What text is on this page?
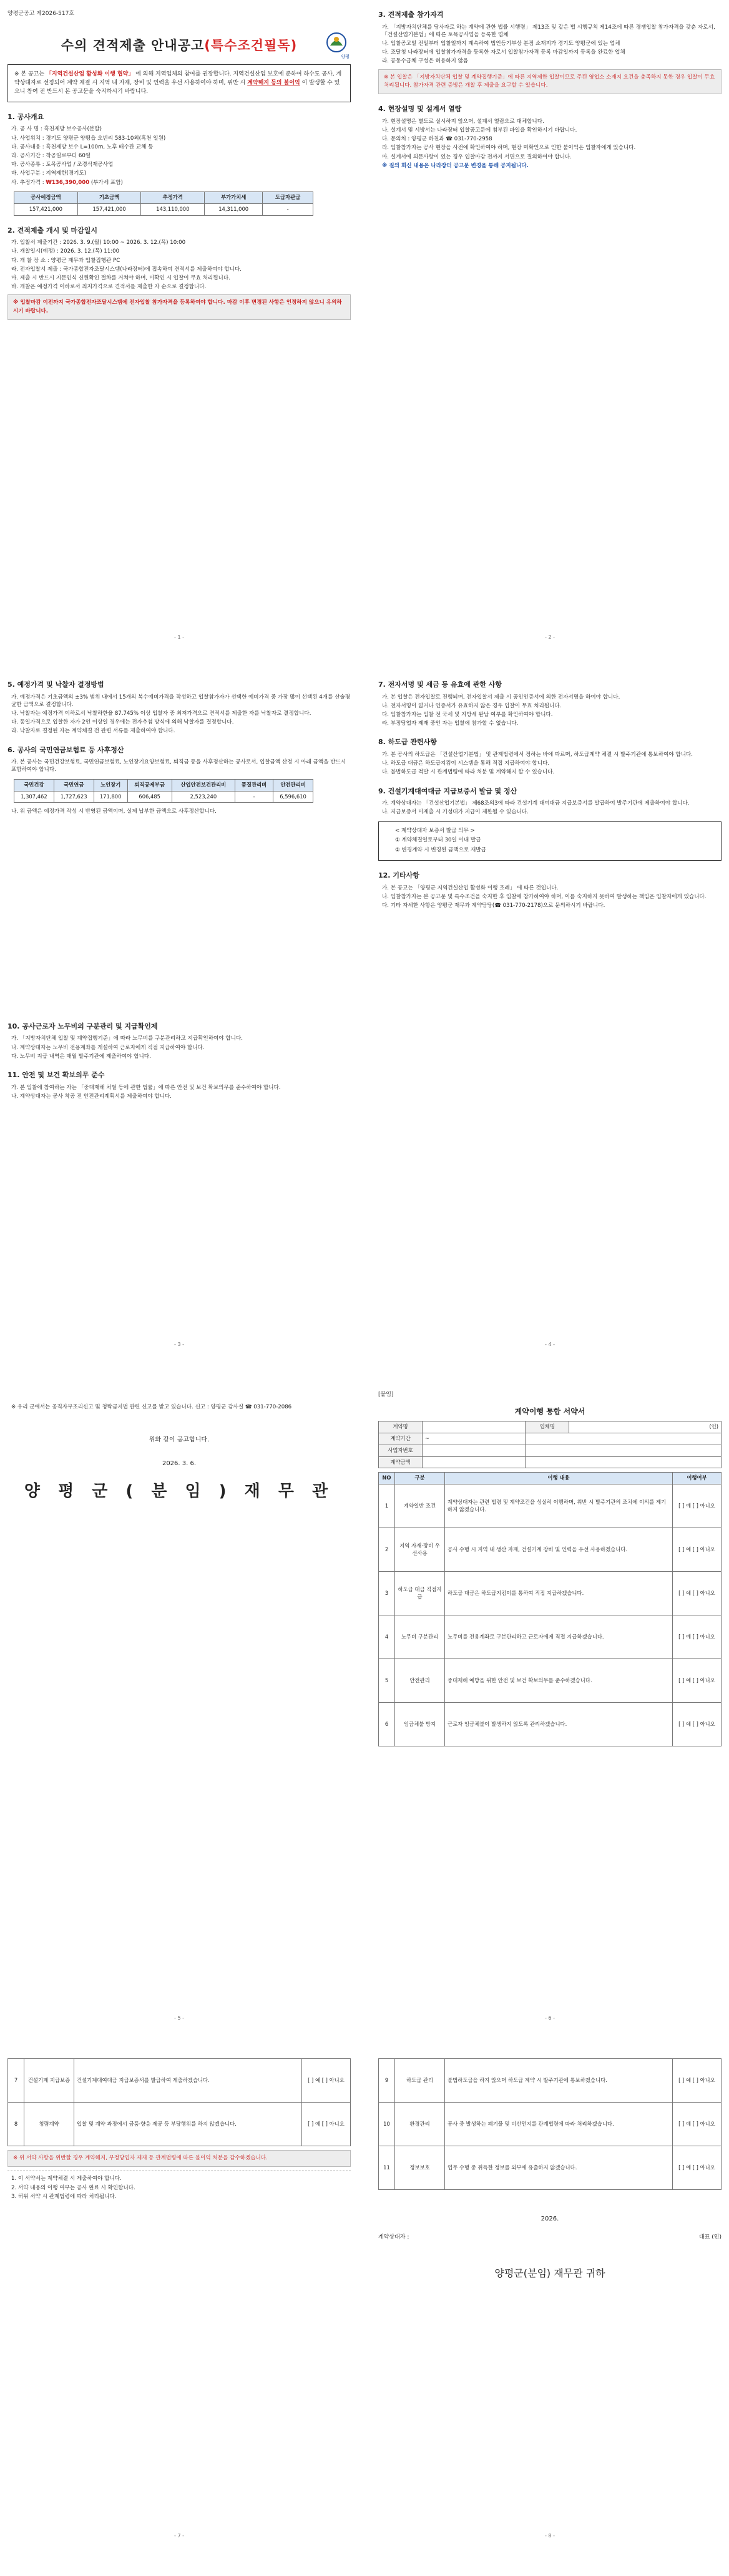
양평군공고 제2026-517호
수의 견적제출 안내공고(특수조건필독)
양평
※ 본 공고는 「지역건설산업 활성화 이행 협약」 에 의해 지역업체의 참여를 권장합니다. 지역건설산업 보호에 준하여 하수도 공사, 계약상대자로 선정되어 계약 체결 시 지역 내 자재, 장비 및 인력을 우선 사용하여야 하며, 위반 시 계약해지 등의 불이익 이 발생할 수 있으니 참여 전 반드시 본 공고문을 숙지하시기 바랍니다.
1. 공사개요

가. 공 사 명 : 흑천제방 보수공사(분할)

나. 사업위치 : 경기도 양평군 양평읍 오빈리 583-10외(흑천 일원)

다. 공사내용 : 흑천제방 보수 L=100m, 노후 배수관 교체 등

라. 공사기간 : 착공일로부터 60일

마. 공사종류 : 토목공사업 / 조경식재공사업

바. 사업구분 : 지역제한(경기도)

사. 추정가격 : ₩136,390,000 (부가세 포함)

공사예정금액	기초금액	추정가격	부가가치세	도급자관급
157,421,000	157,421,000	143,110,000	14,311,000	-
2. 견적제출 개시 및 마감일시

가. 입찰서 제출기간 : 2026. 3. 9.(월) 10:00 ~ 2026. 3. 12.(목) 10:00

나. 개찰일시(예정) : 2026. 3. 12.(목) 11:00

다. 개 찰 장 소 : 양평군 재무과 입찰집행관 PC

라. 전자입찰서 제출 : 국가종합전자조달시스템(나라장터)에 접속하여 견적서를 제출하여야 합니다.

마. 제출 시 반드시 지문인식 신원확인 절차를 거쳐야 하며, 미확인 시 입찰이 무효 처리됩니다.

바. 개찰은 예정가격 이하로서 최저가격으로 견적서를 제출한 자 순으로 결정합니다.

※ 입찰마감 이전까지 국가종합전자조달시스템에 전자입찰 참가자격을 등록하여야 합니다. 마감 이후 변경된 사항은 인정하지 않으니 유의하시기 바랍니다.
- 1 -
3. 견적제출 참가자격

가. 「지방자치단체를 당사자로 하는 계약에 관한 법률 시행령」 제13조 및 같은 법 시행규칙 제14조에 따른 경쟁입찰 참가자격을 갖춘 자로서, 「건설산업기본법」에 따른 토목공사업을 등록한 업체

나. 입찰공고일 전일부터 입찰일까지 계속하여 법인등기부상 본점 소재지가 경기도 양평군에 있는 업체

다. 조달청 나라장터에 입찰참가자격을 등록한 자로서 입찰참가자격 등록 마감일까지 등록을 완료한 업체

라. 공동수급체 구성은 허용하지 않음

※ 본 입찰은 「지방자치단체 입찰 및 계약집행기준」에 따른 지역제한 입찰이므로 주된 영업소 소재지 요건을 충족하지 못한 경우 입찰이 무효 처리됩니다. 참가자격 관련 증빙은 개찰 후 제출을 요구할 수 있습니다.
4. 현장설명 및 설계서 열람

가. 현장설명은 별도로 실시하지 않으며, 설계서 열람으로 대체합니다.

나. 설계서 및 시방서는 나라장터 입찰공고문에 첨부된 파일을 확인하시기 바랍니다.

다. 문의처 : 양평군 하천과 ☎ 031-770-2958

라. 입찰참가자는 공사 현장을 사전에 확인하여야 하며, 현장 미확인으로 인한 불이익은 입찰자에게 있습니다.

마. 설계서에 의문사항이 있는 경우 입찰마감 전까지 서면으로 질의하여야 합니다.

※ 질의 회신 내용은 나라장터 공고문 변경을 통해 공지됩니다.

- 2 -
5. 예정가격 및 낙찰자 결정방법

가. 예정가격은 기초금액의 ±3% 범위 내에서 15개의 복수예비가격을 작성하고 입찰참가자가 선택한 예비가격 중 가장 많이 선택된 4개를 산술평균한 금액으로 결정합니다.

나. 낙찰자는 예정가격 이하로서 낙찰하한율 87.745% 이상 입찰자 중 최저가격으로 견적서를 제출한 자를 낙찰자로 결정합니다.

다. 동일가격으로 입찰한 자가 2인 이상일 경우에는 전자추첨 방식에 의해 낙찰자를 결정합니다.

라. 낙찰자로 결정된 자는 계약체결 전 관련 서류를 제출하여야 합니다.

6. 공사의 국민연금보험료 등 사후정산

가. 본 공사는 국민건강보험료, 국민연금보험료, 노인장기요양보험료, 퇴직금 등을 사후정산하는 공사로서, 입찰금액 산정 시 아래 금액을 반드시 포함하여야 합니다.

국민건강	국민연금	노인장기	퇴직공제부금	산업안전보건관리비	품질관리비	안전관리비
1,307,462	1,727,623	171,800	606,485	2,523,240	-	6,596,610

나. 위 금액은 예정가격 작성 시 반영된 금액이며, 실제 납부한 금액으로 사후정산합니다.

10. 공사근로자 노무비의 구분관리 및 지급확인제

가. 「지방자치단체 입찰 및 계약집행기준」에 따라 노무비를 구분관리하고 지급확인하여야 합니다.

나. 계약상대자는 노무비 전용계좌를 개설하여 근로자에게 직접 지급하여야 합니다.

다. 노무비 지급 내역은 매월 발주기관에 제출하여야 합니다.

11. 안전 및 보건 확보의무 준수

가. 본 입찰에 참여하는 자는 「중대재해 처벌 등에 관한 법률」에 따른 안전 및 보건 확보의무를 준수하여야 합니다.

나. 계약상대자는 공사 착공 전 안전관리계획서를 제출하여야 합니다.

- 3 -
7. 전자서명 및 세금 등 유효에 관한 사항

가. 본 입찰은 전자입찰로 진행되며, 전자입찰서 제출 시 공인인증서에 의한 전자서명을 하여야 합니다.

나. 전자서명이 없거나 인증서가 유효하지 않은 경우 입찰이 무효 처리됩니다.

다. 입찰참가자는 입찰 전 국세 및 지방세 완납 여부를 확인하여야 합니다.

라. 부정당업자 제재 중인 자는 입찰에 참가할 수 없습니다.

8. 하도급 관련사항

가. 본 공사의 하도급은 「건설산업기본법」 및 관계법령에서 정하는 바에 따르며, 하도급계약 체결 시 발주기관에 통보하여야 합니다.

나. 하도급 대금은 하도급지킴이 시스템을 통해 직접 지급하여야 합니다.

다. 불법하도급 적발 시 관계법령에 따라 처분 및 계약해지 할 수 있습니다.

9. 건설기계대여대금 지급보증서 발급 및 정산

가. 계약상대자는 「건설산업기본법」 제68조의3에 따라 건설기계 대여대금 지급보증서를 발급하여 발주기관에 제출하여야 합니다.

나. 지급보증서 미제출 시 기성대가 지급이 제한될 수 있습니다.

< 계약상대자 보증서 발급 의무 >

① 계약체결일로부터 30일 이내 발급

② 변경계약 시 변경된 금액으로 재발급

12. 기타사항

가. 본 공고는 「양평군 지역건설산업 활성화 이행 조례」 에 따른 것입니다.

나. 입찰참가자는 본 공고문 및 특수조건을 숙지한 후 입찰에 참가하여야 하며, 이를 숙지하지 못하여 발생하는 책임은 입찰자에게 있습니다.

다. 기타 자세한 사항은 양평군 재무과 계약담당(☎ 031-770-2178)으로 문의하시기 바랍니다.

- 4 -

※ 우리 군에서는 공직자부조리신고 및 청탁금지법 관련 신고를 받고 있습니다. 신고 : 양평군 감사실 ☎ 031-770-2086

위와 같이 공고합니다.
2026. 3. 6.
양 평 군 ( 분 임 ) 재 무 관
- 5 -
[붙임]
계약이행 통합 서약서
계약명		업체명	(인)
계약기간	~		
사업자번호			
계약금액			
NO	구분	이행 내용	이행여부
1	계약일반 조건	계약상대자는 관련 법령 및 계약조건을 성실히 이행하며, 위반 시 발주기관의 조치에 이의를 제기하지 않겠습니다.	[ ] 예 [ ] 아니오
2	지역 자재·장비 우선사용	공사 수행 시 지역 내 생산 자재, 건설기계 장비 및 인력을 우선 사용하겠습니다.	[ ] 예 [ ] 아니오
3	하도급 대금 직접지급	하도급 대금은 하도급지킴이를 통하여 직접 지급하겠습니다.	[ ] 예 [ ] 아니오
4	노무비 구분관리	노무비를 전용계좌로 구분관리하고 근로자에게 직접 지급하겠습니다.	[ ] 예 [ ] 아니오
5	안전관리	중대재해 예방을 위한 안전 및 보건 확보의무를 준수하겠습니다.	[ ] 예 [ ] 아니오
6	임금체불 방지	근로자 임금체불이 발생하지 않도록 관리하겠습니다.	[ ] 예 [ ] 아니오
- 6 -
7	건설기계 지급보증	건설기계대여대금 지급보증서를 발급하여 제출하겠습니다.	[ ] 예 [ ] 아니오
8	청렴계약	입찰 및 계약 과정에서 금품·향응 제공 등 부당행위를 하지 않겠습니다.	[ ] 예 [ ] 아니오
※ 위 서약 사항을 위반할 경우 계약해지, 부정당업자 제재 등 관계법령에 따른 불이익 처분을 감수하겠습니다.

1. 이 서약서는 계약체결 시 제출하여야 합니다.

2. 서약 내용의 이행 여부는 공사 완료 시 확인합니다.

3. 허위 서약 시 관계법령에 따라 처리됩니다.

- 7 -
9	하도급 관리	불법하도급을 하지 않으며 하도급 계약 시 발주기관에 통보하겠습니다.	[ ] 예 [ ] 아니오
10	환경관리	공사 중 발생하는 폐기물 및 비산먼지를 관계법령에 따라 처리하겠습니다.	[ ] 예 [ ] 아니오
11	정보보호	업무 수행 중 취득한 정보를 외부에 유출하지 않겠습니다.	[ ] 예 [ ] 아니오
2026.
계약상대자 :	대표 (인)
양평군(분임) 재무관 귀하
- 8 -
